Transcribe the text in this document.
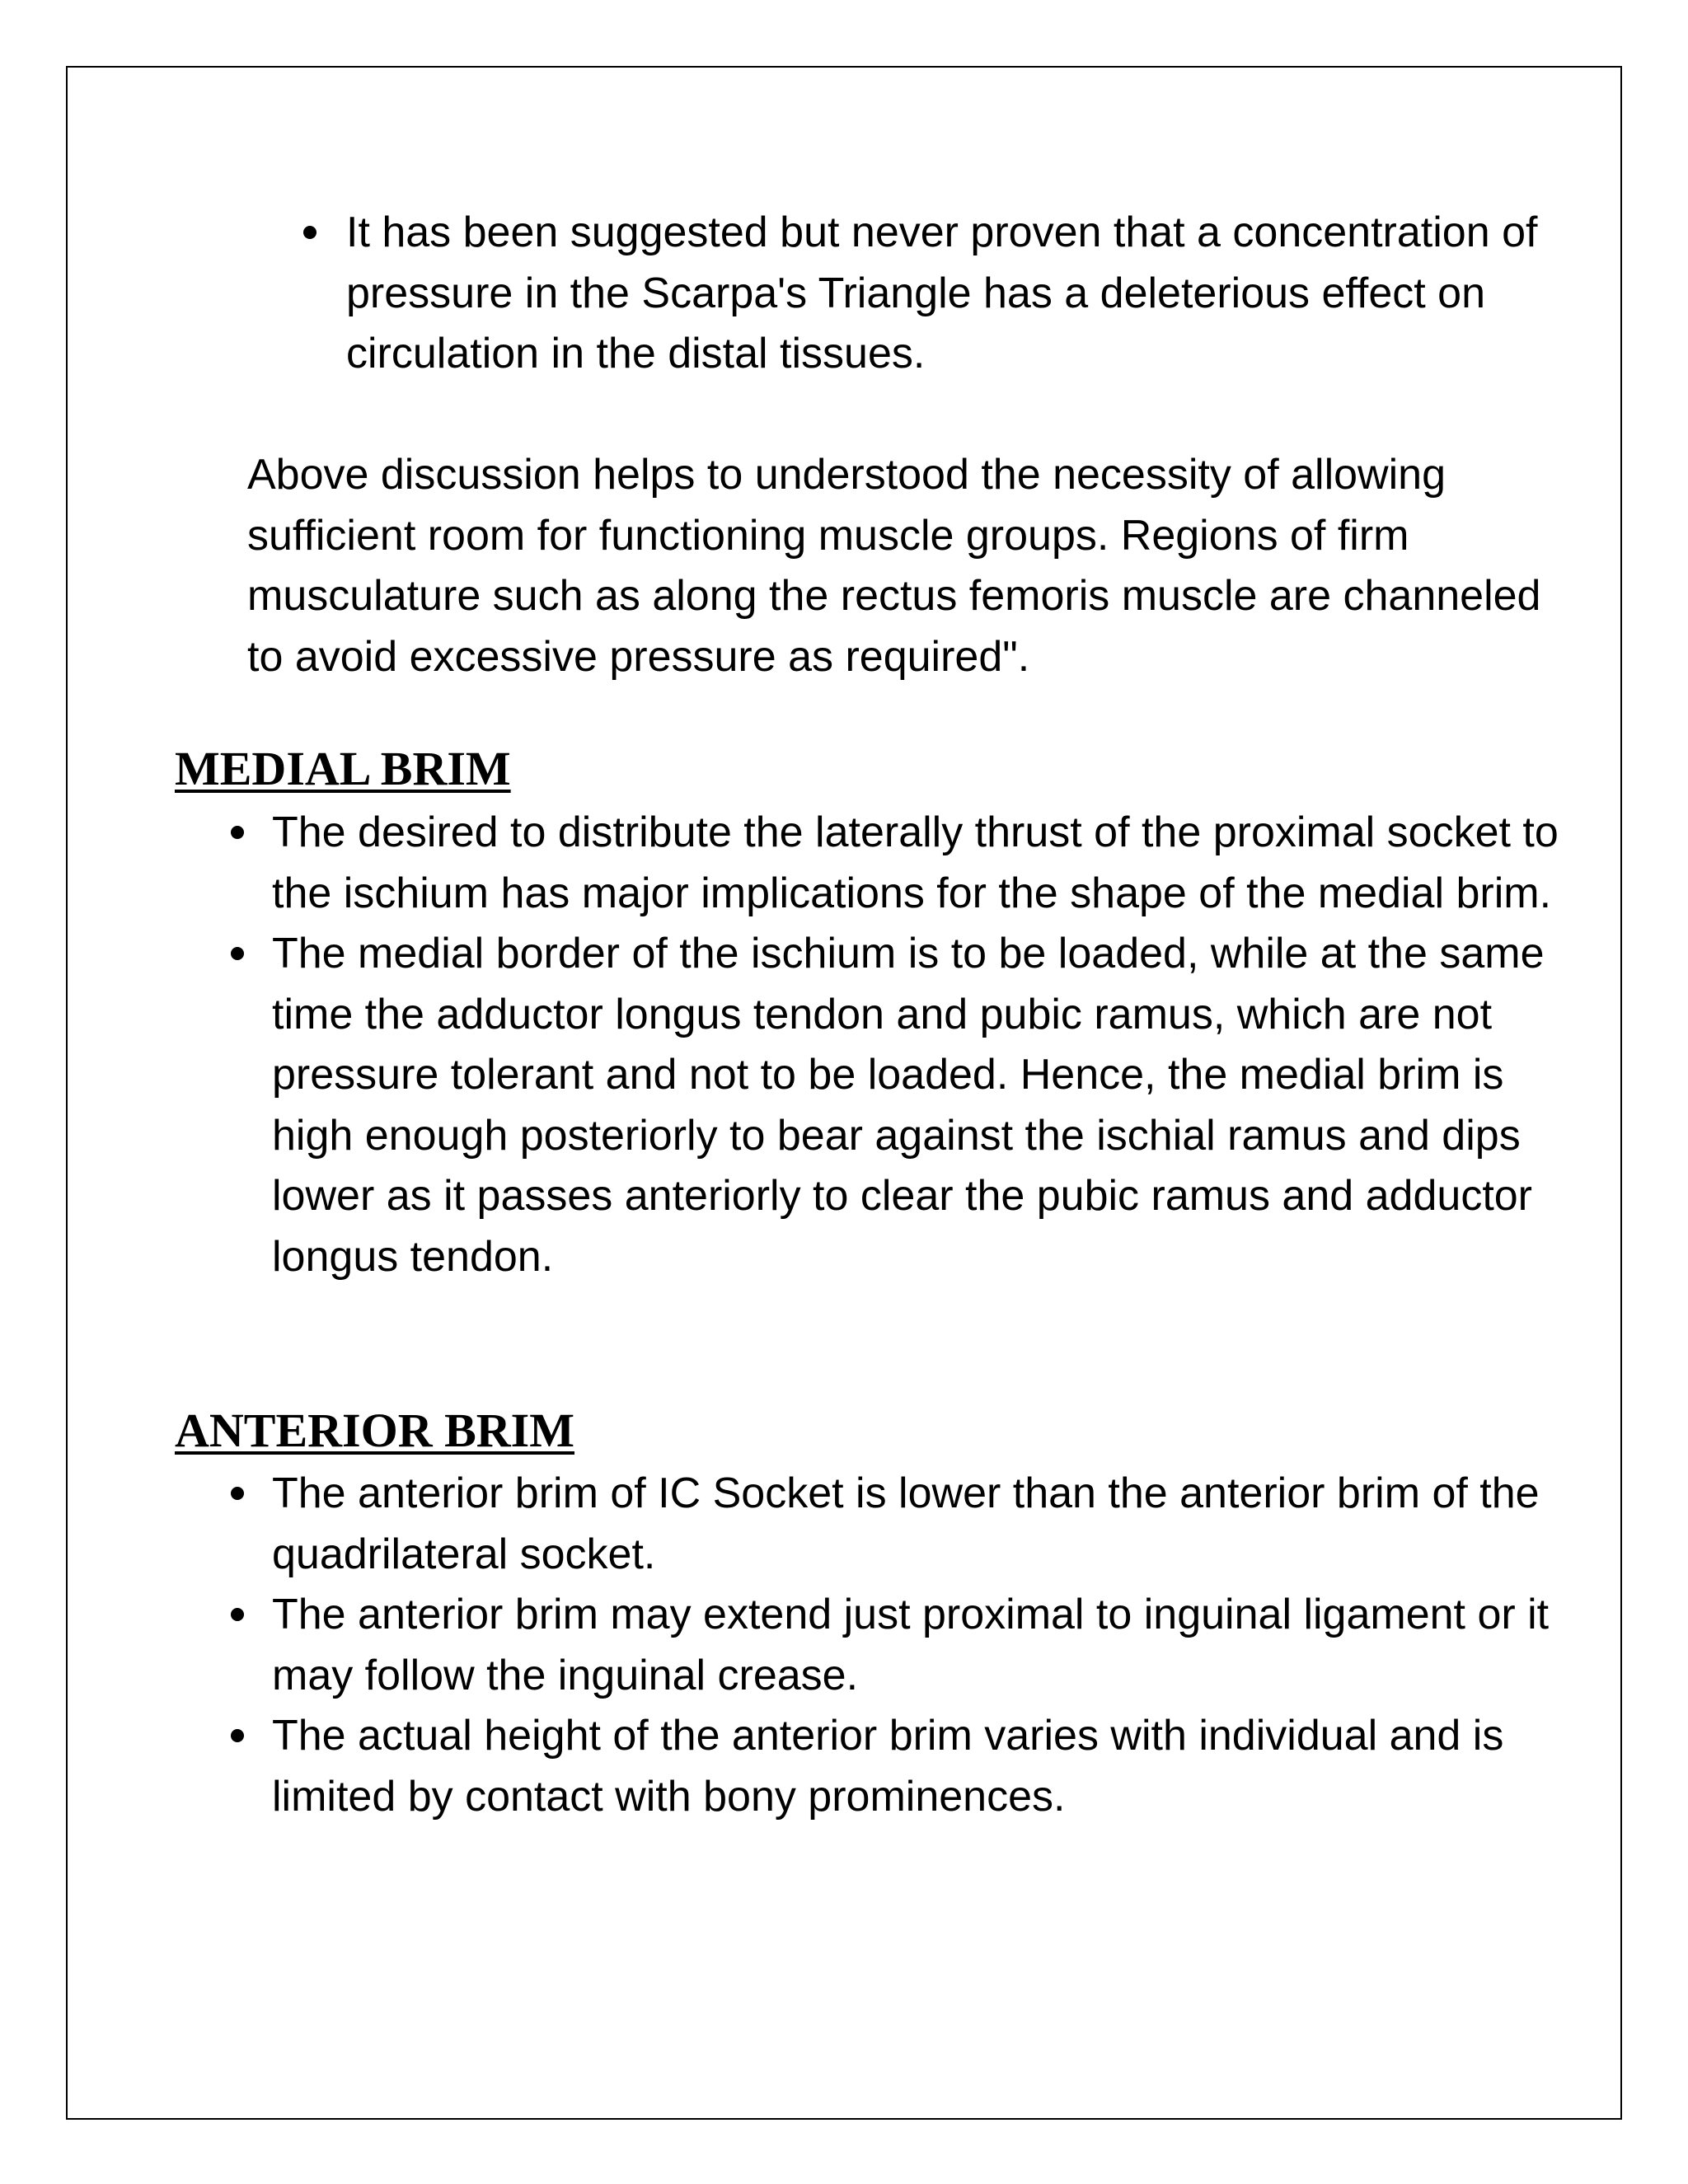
It has been suggested but never proven that a concentration of pressure in the Scarpa's Triangle has a deleterious effect on circulation in the distal tissues.

Above discussion helps to understood the necessity of allowing sufficient room for functioning muscle groups. Regions of firm musculature such as along the rectus femoris muscle are channeled to avoid excessive pressure as required".

MEDIAL BRIM
The desired to distribute the laterally thrust of the proximal socket to the ischium has major implications for the shape of the medial brim.
The medial border of the ischium is to be loaded, while at the same time the adductor longus tendon and pubic ramus, which are not pressure tolerant and not to be loaded. Hence, the medial brim is high enough posteriorly to bear against the ischial ramus and dips lower as it passes anteriorly to clear the pubic ramus and adductor longus tendon.
ANTERIOR BRIM
The anterior brim of IC Socket is lower than the anterior brim of the quadrilateral socket.
The anterior brim may extend just proximal to inguinal ligament or it may follow the inguinal crease.
The actual height of the anterior brim varies with individual and is limited by contact with bony prominences.
